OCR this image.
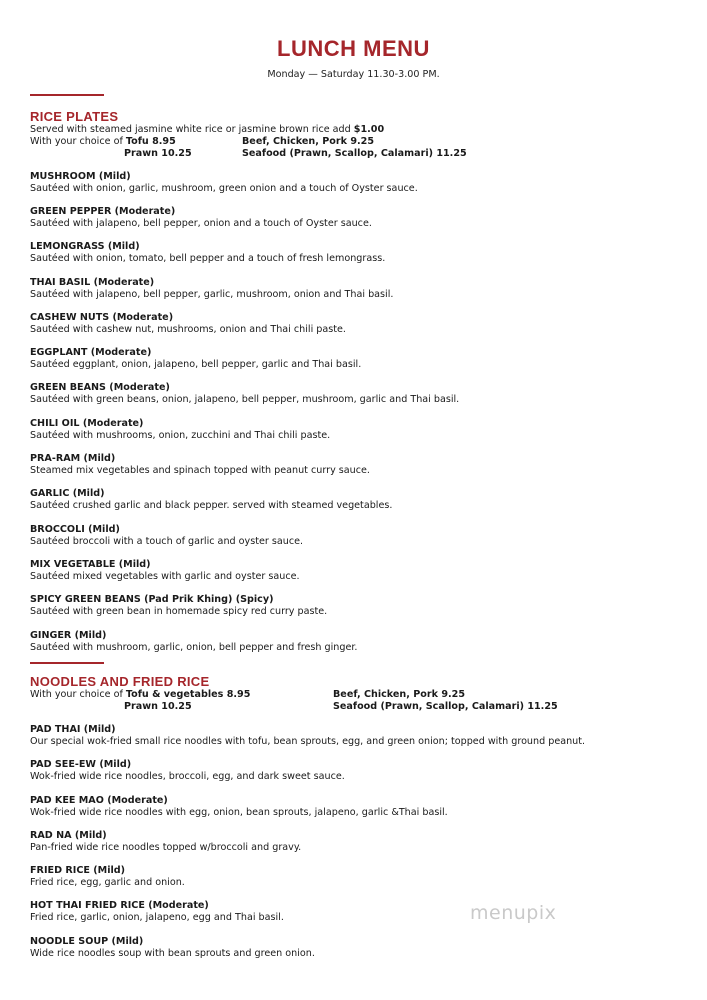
LUNCH MENU
Monday — Saturday 11.30-3.00 PM.
RICE PLATES
Served with steamed jasmine white rice or jasmine brown rice add $1.00
With your choice of Tofu 8.95	Beef, Chicken, Pork 9.25
Prawn 10.25	Seafood (Prawn, Scallop, Calamari) 11.25
MUSHROOM (Mild)
Sautéed with onion, garlic, mushroom, green onion and a touch of Oyster sauce.
GREEN PEPPER (Moderate)
Sautéed with jalapeno, bell pepper, onion and a touch of Oyster sauce.
LEMONGRASS (Mild)
Sautéed with onion, tomato, bell pepper and a touch of fresh lemongrass.
THAI BASIL (Moderate)
Sautéed with jalapeno, bell pepper, garlic, mushroom, onion and Thai basil.
CASHEW NUTS (Moderate)
Sautéed with cashew nut, mushrooms, onion and Thai chili paste.
EGGPLANT (Moderate)
Sautéed eggplant, onion, jalapeno, bell pepper, garlic and Thai basil.
GREEN BEANS (Moderate)
Sautéed with green beans, onion, jalapeno, bell pepper, mushroom, garlic and Thai basil.
CHILI OIL (Moderate)
Sautéed with mushrooms, onion, zucchini and Thai chili paste.
PRA-RAM (Mild)
Steamed mix vegetables and spinach topped with peanut curry sauce.
GARLIC (Mild)
Sautéed crushed garlic and black pepper. served with steamed vegetables.
BROCCOLI (Mild)
Sautéed broccoli with a touch of garlic and oyster sauce.
MIX VEGETABLE (Mild)
Sautéed mixed vegetables with garlic and oyster sauce.
SPICY GREEN BEANS (Pad Prik Khing) (Spicy)
Sautéed with green bean in homemade spicy red curry paste.
GINGER (Mild)
Sautéed with mushroom, garlic, onion, bell pepper and fresh ginger.
NOODLES AND FRIED RICE
With your choice of Tofu & vegetables 8.95	Beef, Chicken, Pork 9.25
Prawn 10.25	Seafood (Prawn, Scallop, Calamari) 11.25
PAD THAI (Mild)
Our special wok-fried small rice noodles with tofu, bean sprouts, egg, and green onion; topped with ground peanut.
PAD SEE-EW (Mild)
Wok-fried wide rice noodles, broccoli, egg, and dark sweet sauce.
PAD KEE MAO (Moderate)
Wok-fried wide rice noodles with egg, onion, bean sprouts, jalapeno, garlic &Thai basil.
RAD NA (Mild)
Pan-fried wide rice noodles topped w/broccoli and gravy.
FRIED RICE (Mild)
Fried rice, egg, garlic and onion.
HOT THAI FRIED RICE (Moderate)
Fried rice, garlic, onion, jalapeno, egg and Thai basil.
NOODLE SOUP (Mild)
Wide rice noodles soup with bean sprouts and green onion.
menupix
